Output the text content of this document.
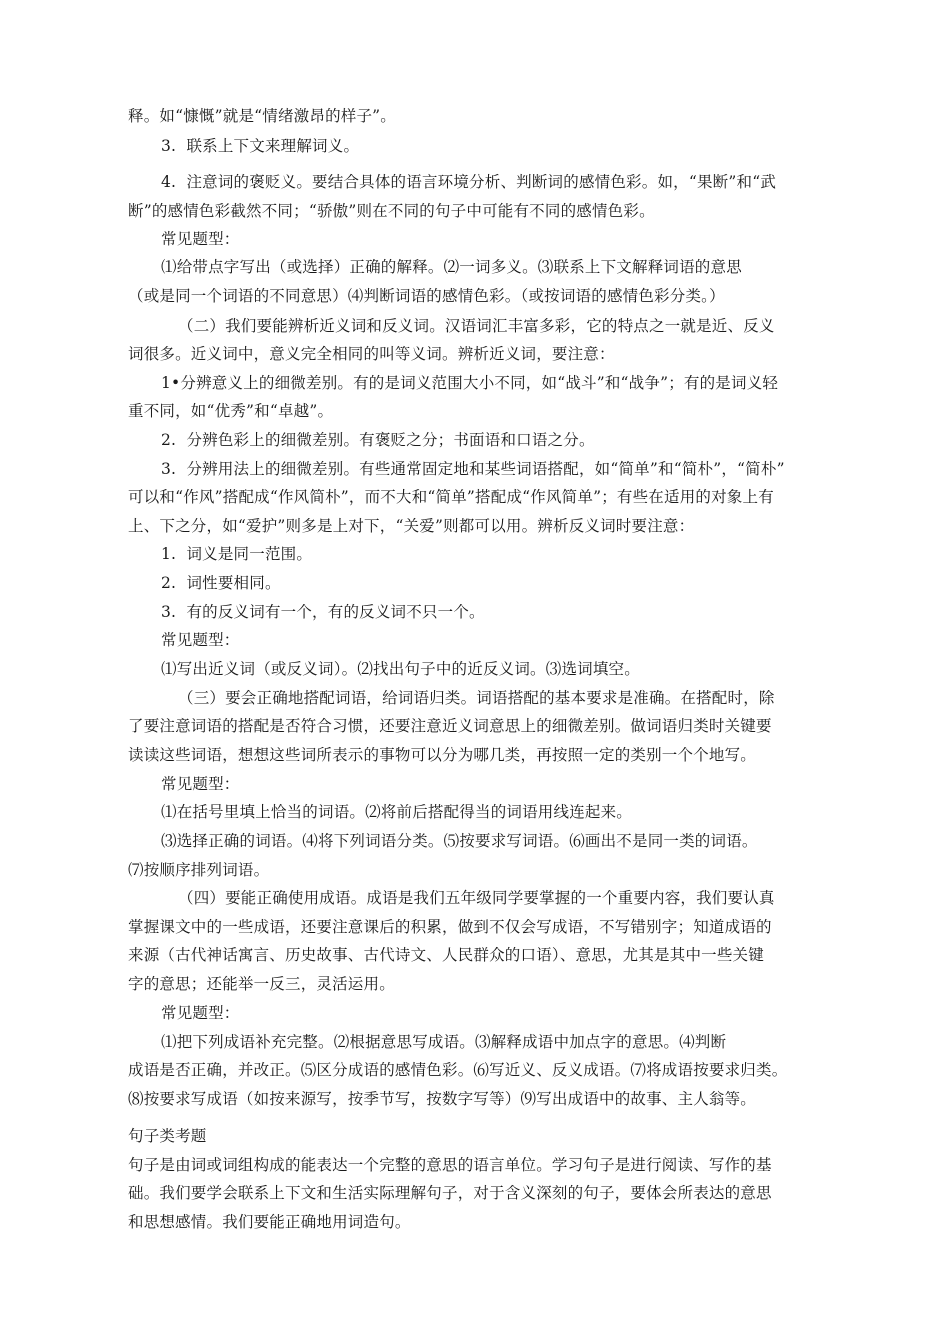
释。如“慷慨”就是“情绪激昂的样子”。
3.  联系上下文来理解词义。
4.  注意词的褒贬义。要结合具体的语言环境分析、判断词的感情色彩。如，“果断”和“武
断”的感情色彩截然不同；“骄傲”则在不同的句子中可能有不同的感情色彩。
常见题型：
⑴给带点字写出（或选择）正确的解释。⑵一词多义。⑶联系上下文解释词语的意思
（或是同一个词语的不同意思）⑷判断词语的感情色彩。（或按词语的感情色彩分类。）
（二）我们要能辨析近义词和反义词。汉语词汇丰富多彩，它的特点之一就是近、反义
词很多。近义词中，意义完全相同的叫等义词。辨析近义词，要注意：
1•分辨意义上的细微差别。有的是词义范围大小不同，如“战斗”和“战争”；有的是词义轻
重不同，如“优秀”和“卓越”。
2.  分辨色彩上的细微差别。有褒贬之分；书面语和口语之分。
3.  分辨用法上的细微差别。有些通常固定地和某些词语搭配，如“简单”和“简朴”，“简朴”
可以和“作风”搭配成“作风简朴”，而不大和“简单”搭配成“作风简单”；有些在适用的对象上有
上、下之分，如“爱护”则多是上对下，“关爱”则都可以用。辨析反义词时要注意：
1.  词义是同一范围。
2.  词性要相同。
3.  有的反义词有一个，有的反义词不只一个。
常见题型：
⑴写出近义词（或反义词）。⑵找出句子中的近反义词。⑶选词填空。
（三）要会正确地搭配词语，给词语归类。词语搭配的基本要求是准确。在搭配时，除
了要注意词语的搭配是否符合习惯，还要注意近义词意思上的细微差别。做词语归类时关键要
读读这些词语，想想这些词所表示的事物可以分为哪几类，再按照一定的类别一个个地写。
常见题型：
⑴在括号里填上恰当的词语。⑵将前后搭配得当的词语用线连起来。
⑶选择正确的词语。⑷将下列词语分类。⑸按要求写词语。⑹画出不是同一类的词语。
⑺按顺序排列词语。
（四）要能正确使用成语。成语是我们五年级同学要掌握的一个重要内容，我们要认真
掌握课文中的一些成语，还要注意课后的积累，做到不仅会写成语，不写错别字；知道成语的
来源（古代神话寓言、历史故事、古代诗文、人民群众的口语）、意思，尤其是其中一些关键
字的意思；还能举一反三，灵活运用。
常见题型：
⑴把下列成语补充完整。⑵根据意思写成语。⑶解释成语中加点字的意思。⑷判断
成语是否正确，并改正。⑸区分成语的感情色彩。⑹写近义、反义成语。⑺将成语按要求归类。
⑻按要求写成语（如按来源写，按季节写，按数字写等）⑼写出成语中的故事、主人翁等。
句子类考题
句子是由词或词组构成的能表达一个完整的意思的语言单位。学习句子是进行阅读、写作的基
础。我们要学会联系上下文和生活实际理解句子，对于含义深刻的句子，要体会所表达的意思
和思想感情。我们要能正确地用词造句。
